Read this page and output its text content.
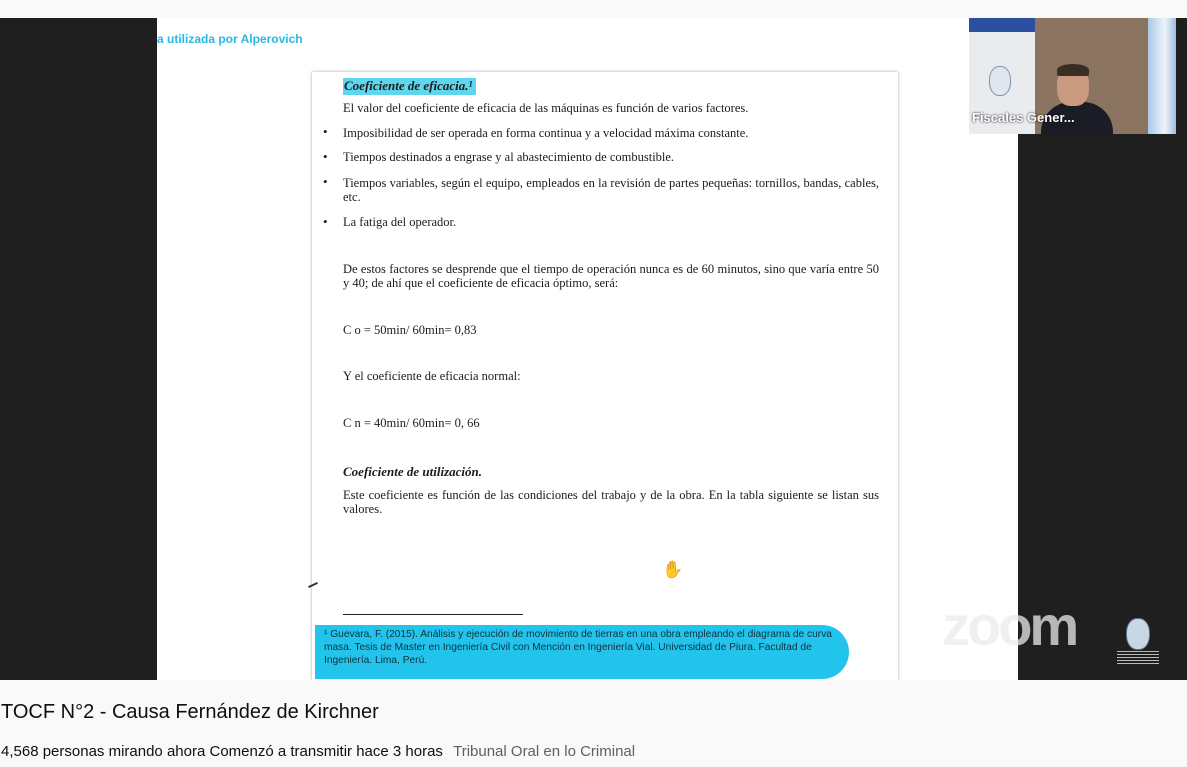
a utilizada por Alperovich
Coeficiente de eficacia.¹
El valor del coeficiente de eficacia de las máquinas es función de varios factores.
• Imposibilidad de ser operada en forma continua y a velocidad máxima constante.
• Tiempos destinados a engrase y al abastecimiento de combustible.
• Tiempos variables, según el equipo, empleados en la revisión de partes pequeñas: tornillos, bandas, cables, etc.
• La fatiga del operador.
De estos factores se desprende que el tiempo de operación nunca es de 60 minutos, sino que varía entre 50 y 40; de ahí que el coeficiente de eficacia óptimo, será:
C o = 50min/ 60min= 0,83
Y el coeficiente de eficacia normal:
C n = 40min/ 60min= 0, 66
Coeficiente de utilización.
Este coeficiente es función de las condiciones del trabajo y de la obra. En la tabla siguiente se listan sus valores.
✋
¹ Guevara, F. (2015). Análisis y ejecución de movimiento de tierras en una obra empleando el diagrama de curva masa. Tesis de Master en Ingeniería Civil con Mención en Ingeniería Vial. Universidad de Piura. Facultad de Ingeniería. Lima, Perú.
Fiscales Gener...
zoom
TOCF N°2 - Causa Fernández de Kirchner
4,568 personas mirando ahora Comenzó a transmitir hace 3 horas Tribunal Oral en lo Criminal
